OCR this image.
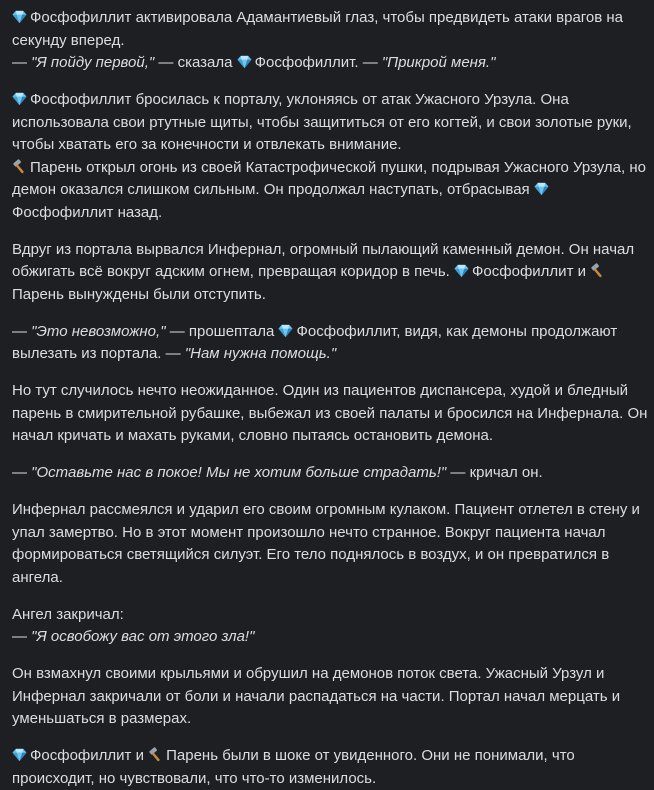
Фосфофиллит активировала Адамантиевый глаз, чтобы предвидеть атаки врагов на секунду вперед.
— "Я пойду первой," — сказала Фосфофиллит. — "Прикрой меня."
Фосфофиллит бросилась к порталу, уклоняясь от атак Ужасного Урзула. Она использовала свои ртутные щиты, чтобы защититься от его когтей, и свои золотые руки, чтобы хватать его за конечности и отвлекать внимание.
Парень открыл огонь из своей Катастрофической пушки, подрывая Ужасного Урзула, но демон оказался слишком сильным. Он продолжал наступать, отбрасывая Фосфофиллит назад.
Вдруг из портала вырвался Инфернал, огромный пылающий каменный демон. Он начал обжигать всё вокруг адским огнем, превращая коридор в печь. Фосфофиллит и Парень вынуждены были отступить.
— "Это невозможно," — прошептала Фосфофиллит, видя, как демоны продолжают вылезать из портала. — "Нам нужна помощь."
Но тут случилось нечто неожиданное. Один из пациентов диспансера, худой и бледный парень в смирительной рубашке, выбежал из своей палаты и бросился на Инфернала. Он начал кричать и махать руками, словно пытаясь остановить демона.
— "Оставьте нас в покое! Мы не хотим больше страдать!" — кричал он.
Инфернал рассмеялся и ударил его своим огромным кулаком. Пациент отлетел в стену и упал замертво. Но в этот момент произошло нечто странное. Вокруг пациента начал формироваться светящийся силуэт. Его тело поднялось в воздух, и он превратился в ангела.
Ангел закричал:
— "Я освобожу вас от этого зла!"
Он взмахнул своими крыльями и обрушил на демонов поток света. Ужасный Урзул и Инфернал закричали от боли и начали распадаться на части. Портал начал мерцать и уменьшаться в размерах.
Фосфофиллит и Парень были в шоке от увиденного. Они не понимали, что происходит, но чувствовали, что что-то изменилось.
